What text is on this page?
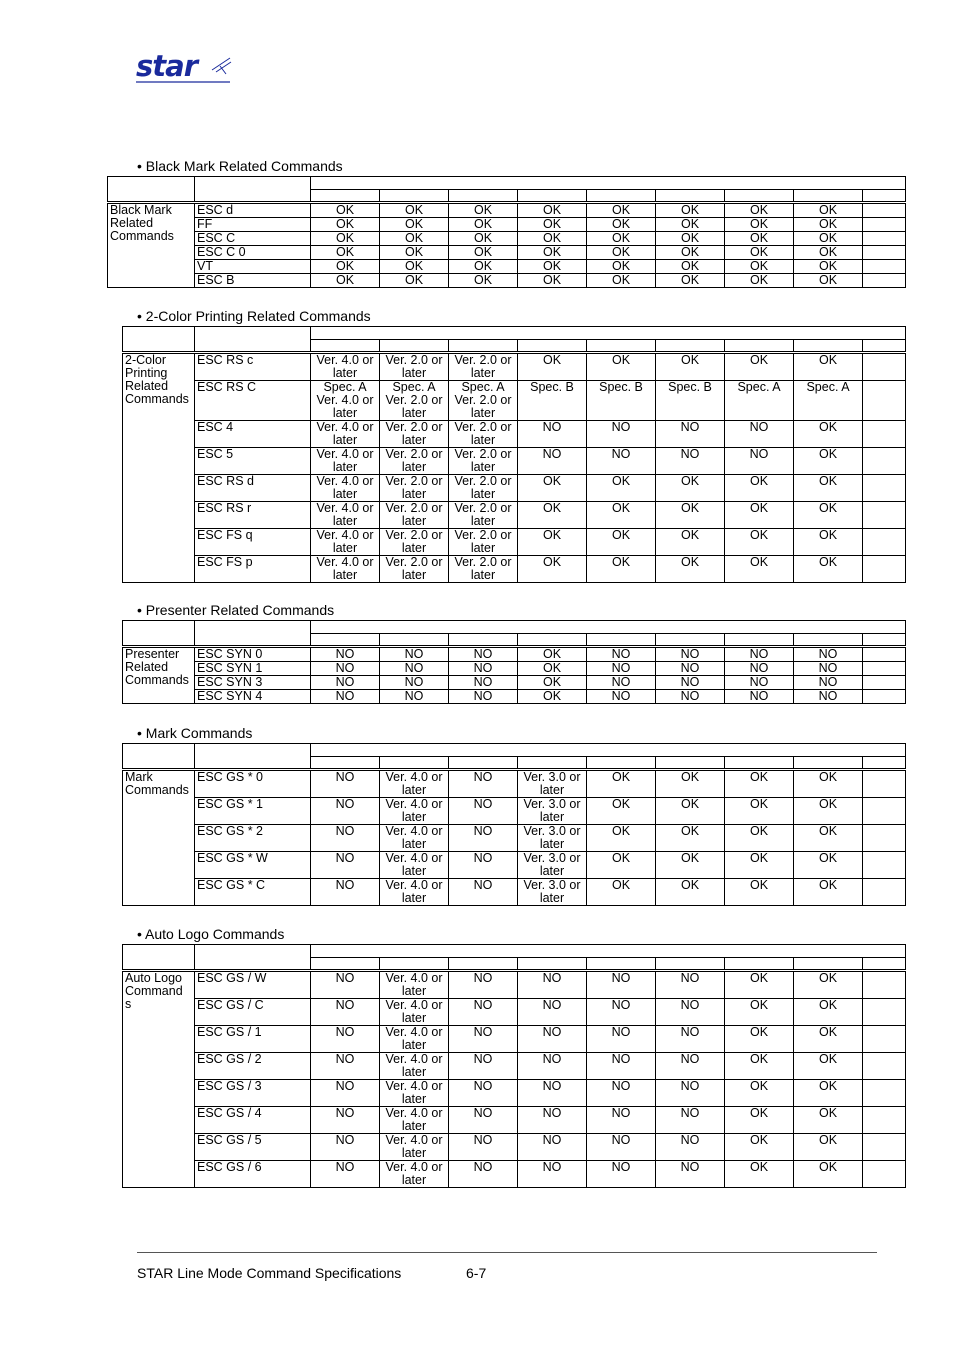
star
• Black Mark Related Commands

Black Mark Related Commands	ESC d	OK	OK	OK	OK	OK	OK	OK	OK	
	FF	OK	OK	OK	OK	OK	OK	OK	OK	
	ESC C	OK	OK	OK	OK	OK	OK	OK	OK	
	ESC C 0	OK	OK	OK	OK	OK	OK	OK	OK	
	VT	OK	OK	OK	OK	OK	OK	OK	OK	
	ESC B	OK	OK	OK	OK	OK	OK	OK	OK	
• 2-Color Printing Related Commands

2-Color Printing Related Commands	ESC RS c	Ver. 4.0 or later	Ver. 2.0 or later	Ver. 2.0 or later	OK	OK	OK	OK	OK	
	ESC RS C	Spec. A Ver. 4.0 or later	Spec. A Ver. 2.0 or later	Spec. A Ver. 2.0 or later	Spec. B	Spec. B	Spec. B	Spec. A	Spec. A	
	ESC 4	Ver. 4.0 or later	Ver. 2.0 or later	Ver. 2.0 or later	NO	NO	NO	NO	OK	
	ESC 5	Ver. 4.0 or later	Ver. 2.0 or later	Ver. 2.0 or later	NO	NO	NO	NO	OK	
	ESC RS d	Ver. 4.0 or later	Ver. 2.0 or later	Ver. 2.0 or later	OK	OK	OK	OK	OK	
	ESC RS r	Ver. 4.0 or later	Ver. 2.0 or later	Ver. 2.0 or later	OK	OK	OK	OK	OK	
	ESC FS q	Ver. 4.0 or later	Ver. 2.0 or later	Ver. 2.0 or later	OK	OK	OK	OK	OK	
	ESC FS p	Ver. 4.0 or later	Ver. 2.0 or later	Ver. 2.0 or later	OK	OK	OK	OK	OK	
• Presenter Related Commands

Presenter Related Commands	ESC SYN 0	NO	NO	NO	OK	NO	NO	NO	NO	
	ESC SYN 1	NO	NO	NO	OK	NO	NO	NO	NO	
	ESC SYN 3	NO	NO	NO	OK	NO	NO	NO	NO	
	ESC SYN 4	NO	NO	NO	OK	NO	NO	NO	NO	
• Mark Commands

Mark Commands	ESC GS * 0	NO	Ver. 4.0 or later	NO	Ver. 3.0 or later	OK	OK	OK	OK	
	ESC GS * 1	NO	Ver. 4.0 or later	NO	Ver. 3.0 or later	OK	OK	OK	OK	
	ESC GS * 2	NO	Ver. 4.0 or later	NO	Ver. 3.0 or later	OK	OK	OK	OK	
	ESC GS * W	NO	Ver. 4.0 or later	NO	Ver. 3.0 or later	OK	OK	OK	OK	
	ESC GS * C	NO	Ver. 4.0 or later	NO	Ver. 3.0 or later	OK	OK	OK	OK	
• Auto Logo Commands

Auto Logo Command s	ESC GS / W	NO	Ver. 4.0 or later	NO	NO	NO	NO	OK	OK	
	ESC GS / C	NO	Ver. 4.0 or later	NO	NO	NO	NO	OK	OK	
	ESC GS / 1	NO	Ver. 4.0 or later	NO	NO	NO	NO	OK	OK	
	ESC GS / 2	NO	Ver. 4.0 or later	NO	NO	NO	NO	OK	OK	
	ESC GS / 3	NO	Ver. 4.0 or later	NO	NO	NO	NO	OK	OK	
	ESC GS / 4	NO	Ver. 4.0 or later	NO	NO	NO	NO	OK	OK	
	ESC GS / 5	NO	Ver. 4.0 or later	NO	NO	NO	NO	OK	OK	
	ESC GS / 6	NO	Ver. 4.0 or later	NO	NO	NO	NO	OK	OK	
STAR Line Mode Command Specifications	6-7
